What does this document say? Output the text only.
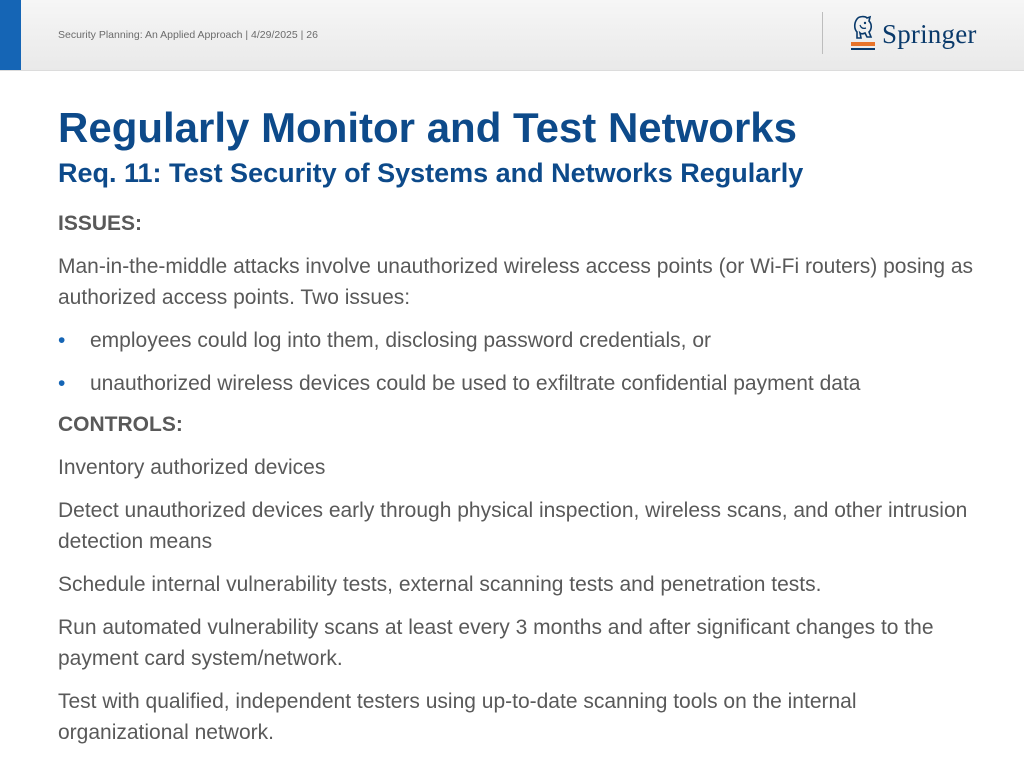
Security Planning: An Applied Approach | 4/29/2025 | 26	Springer
Regularly Monitor and Test Networks
Req. 11: Test Security of Systems and Networks Regularly

ISSUES:

Man-in-the-middle attacks involve unauthorized wireless access points (or Wi-Fi routers) posing as authorized access points. Two issues:

•	employees could log into them, disclosing password credentials, or
•	unauthorized wireless devices could be used to exfiltrate confidential payment data

CONTROLS:

Inventory authorized devices

Detect unauthorized devices early through physical inspection, wireless scans, and other intrusion detection means

Schedule internal vulnerability tests, external scanning tests and penetration tests.

Run automated vulnerability scans at least every 3 months and after significant changes to the payment card system/network.

Test with qualified, independent testers using up-to-date scanning tools on the internal organizational network.
